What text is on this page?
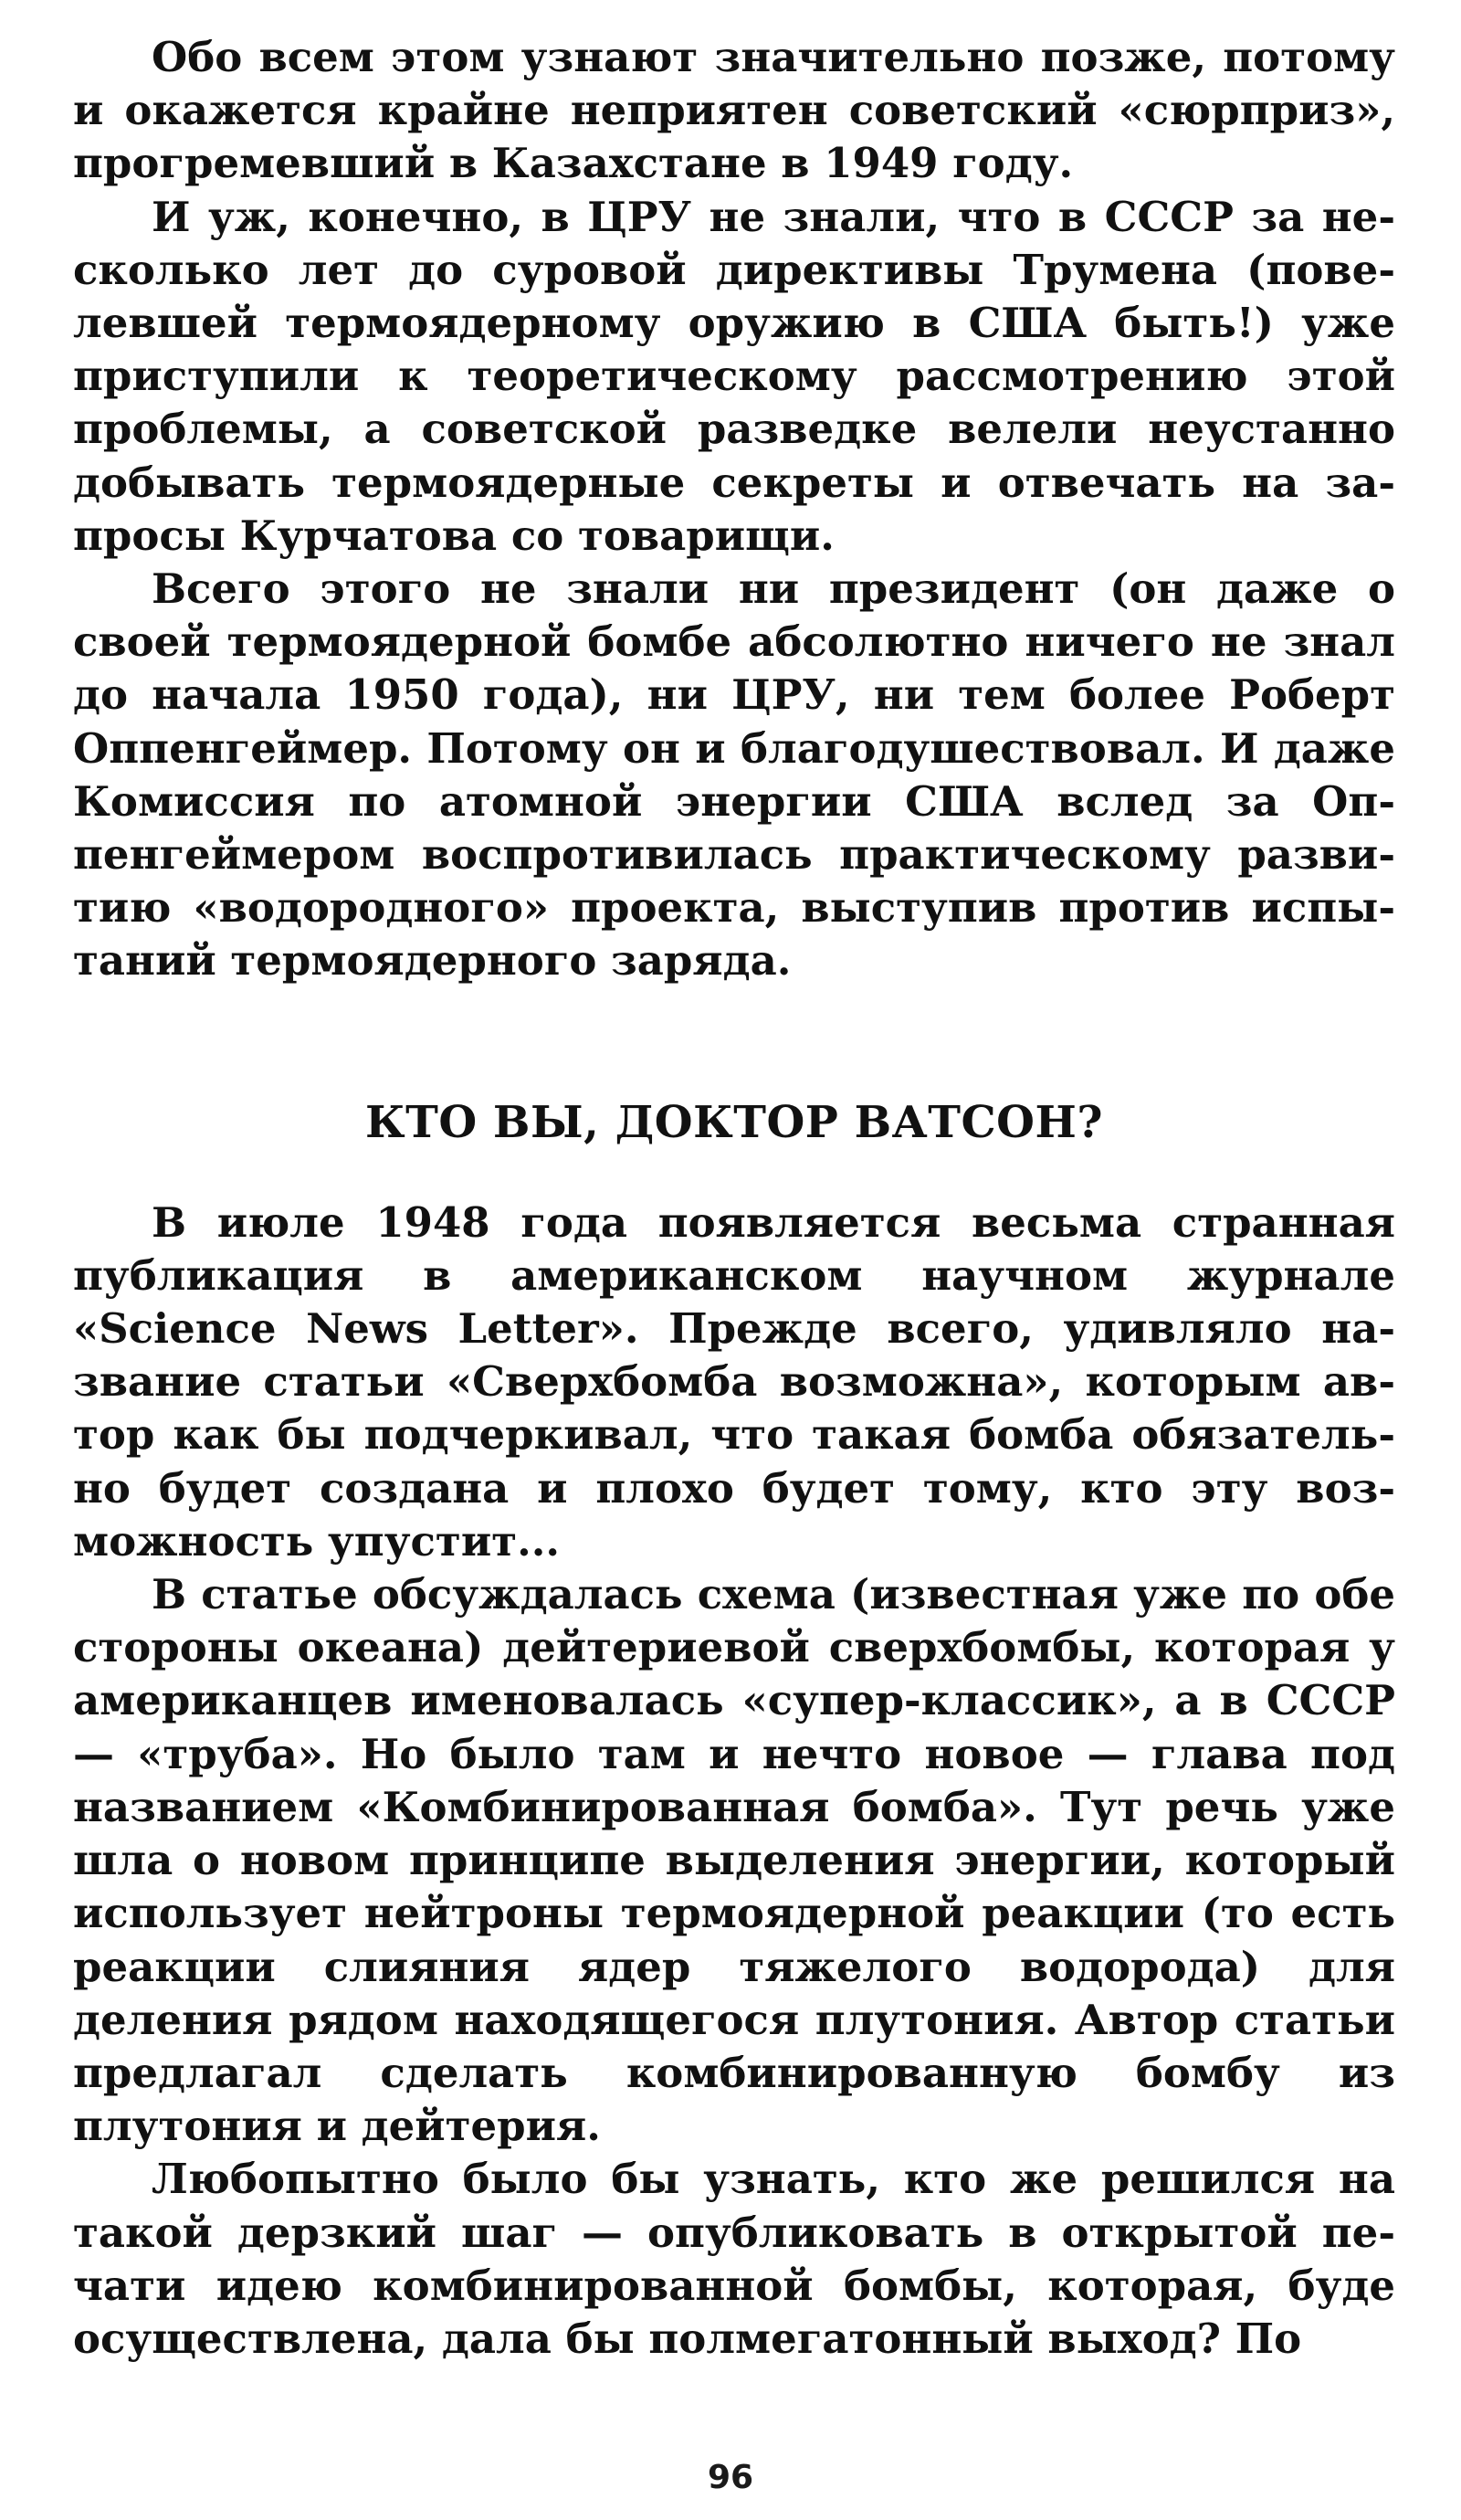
Обо всем этом узнают значительно позже, потому и окажется крайне неприятен советский «сюрприз», прогремевший в Казахстане в 1949 году.

И уж, конечно, в ЦРУ не знали, что в СССР за несколько лет до суровой директивы Трумена (повелевшей термоядерному оружию в США быть!) уже приступили к теоретическому рассмотрению этой проблемы, а советской разведке велели неустанно добывать термоядерные секреты и отвечать на запросы Курчатова со товарищи.

Всего этого не знали ни президент (он даже о своей термоядерной бомбе абсолютно ничего не знал до начала 1950 года), ни ЦРУ, ни тем более Роберт Оппенгеймер. Потому он и благодушествовал. И даже Комиссия по атомной энергии США вслед за Оппенгеймером воспротивилась практическому развитию «водородного» проекта, выступив против испытаний термоядерного заряда.

КТО ВЫ, ДОКТОР ВАТСОН?

В июле 1948 года появляется весьма странная публикация в американском научном журнале «Science News Letter». Прежде всего, удивляло название статьи «Сверхбомба возможна», которым автор как бы подчеркивал, что такая бомба обязательно будет создана и плохо будет тому, кто эту возможность упустит...

В статье обсуждалась схема (известная уже по обе стороны океана) дейтериевой сверхбомбы, которая у американцев именовалась «супер-классик», а в СССР — «труба». Но было там и нечто новое — глава под названием «Комбинированная бомба». Тут речь уже шла о новом принципе выделения энергии, который использует нейтроны термоядерной реакции (то есть реакции слияния ядер тяжелого водорода) для деления рядом находящегося плутония. Автор статьи предлагал сделать комбинированную бомбу из плутония и дейтерия.

Любопытно было бы узнать, кто же решился на такой дерзкий шаг — опубликовать в открытой печати идею комбинированной бомбы, которая, буде осуществлена, дала бы полмегатонный выход? По

96
